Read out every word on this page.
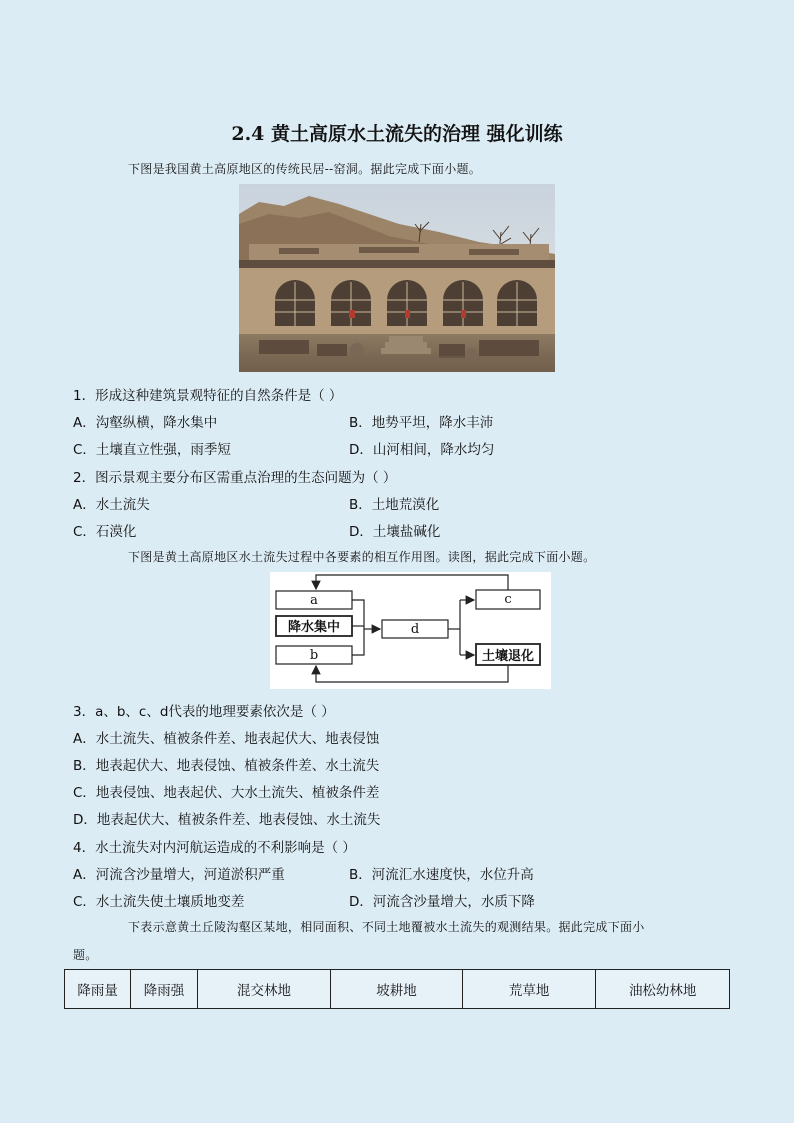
2.4 黄土高原水土流失的治理 强化训练
下图是我国黄土高原地区的传统民居--窑洞。据此完成下面小题。
1．形成这种建筑景观特征的自然条件是（ ）
A．沟壑纵横，降水集中	B．地势平坦，降水丰沛
C．土壤直立性强，雨季短	D．山河相间，降水均匀
2．图示景观主要分布区需重点治理的生态问题为（ ）
A．水土流失	B．土地荒漠化
C．石漠化	D．土壤盐碱化
下图是黄土高原地区水土流失过程中各要素的相互作用图。读图，据此完成下面小题。
a
b
d
c
降水集中
土壤退化
3．a、b、c、d代表的地理要素依次是（ ）
A．水土流失、植被条件差、地表起伏大、地表侵蚀
B．地表起伏大、地表侵蚀、植被条件差、水土流失
C．地表侵蚀、地表起伏、大水土流失、植被条件差
D．地表起伏大、植被条件差、地表侵蚀、水土流失
4．水土流失对内河航运造成的不利影响是（ ）
A．河流含沙量增大，河道淤积严重	B．河流汇水速度快，水位升高
C．水土流失使土壤质地变差	D．河流含沙量增大，水质下降
下表示意黄土丘陵沟壑区某地，相同面积、不同土地覆被水土流失的观测结果。据此完成下面小
题。
降雨量	降雨强	混交林地	坡耕地	荒草地	油松幼林地
